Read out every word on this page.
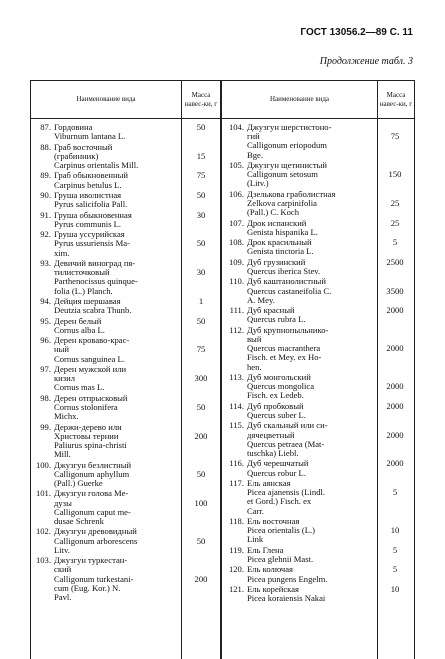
ГОСТ 13056.2—89 С. 11
Продолжение табл. 3
Наименование вида
Масса навес-ки, г
Наименование вида
Масса навес-ки, г
87. Гордовина
Viburnum lantana L.
50
88. Граб восточный
(грабинник)
Carpinus orientalis Mill.
15
89. Граб обыкновенный
Carpinus betulus L.
75
90. Груша иволистная
Pyrus salicifolia Pall.
50
91. Груша обыкновенная
Pyrus communis L.
30
92. Груша уссурийская
Pyrus ussuriensis Ma-
xim.
50
93. Девичий виноград пя-
тилисточковый
Parthenocissus quinque-
folia (L.) Planch.
30
94. Дейция шершавая
Deutzia scabra Thunb.
1
95. Дерен белый
Cornus alba L.
50
96. Дерен кроваво-крас-
ный
Cornus sanguinea L.
75
97. Дерен мужской или
кизил
Cornus mas L.
300
98. Дерен отпрысковый
Cornus stolonifera
Michx.
50
99. Держи-дерево или
Христовы тернии
Paliurus spina-christi
Mill.
200
100. Джузгун безлистный
Calligonum aphyllum
(Pall.) Guerke
50
101. Джузгун голова Ме-
дузы
Calligonum caput me-
dusae Schrenk
100
102. Джузгун древовидный
Calligonum arborescens
Litv.
50
103. Джузгун туркестан-
ский
Calligonum turkestani-
cum (Eug. Kor.) N.
Pavl.
200
104. Джузгун шерстистоно-
гий
Calligonum eriopodum
Bge.
75
105. Джузгун щетинистый
Calligonum setosum
(Litv.)
150
106. Дзелькова граболистная
Zelkova carpinifolia
(Pall.) C. Koch
25
107. Дрок испанский
Genista hispanika L.
25
108. Дрок красильный
Genista tinctoria L.
5
109. Дуб грузинский
Quercus iberica Stev.
2500
110. Дуб каштанолистный
Quercus castaneifolia C.
A. Mey.
3500
111. Дуб красный
Quercus rubra L.
2000
112. Дуб крупнопыльнико-
вый
Quercus macranthera
Fisch. et Mey. ex Ho-
hen.
2000
113. Дуб монгольский
Quercus mongolica
Fisch. ex Ledeb.
2000
114. Дуб пробковый
Quercus suber L.
2000
115. Дуб скальный или си-
дячецветный
Quercus petraea (Mat-
tuschka) Liebl.
2000
116. Дуб черешчатый
Quercus robur L.
2000
117. Ель аянская
Picea ajanensis (Lindl.
et Gord.) Fisch. ex
Carr.
5
118. Ель восточная
Picea orientalis (L.)
Link
10
119. Ель Глена
Picea glehnii Mast.
5
120. Ель колючая
Picea pungens Engelm.
5
121. Ель корейская
Picea koraiensis Nakai
10
